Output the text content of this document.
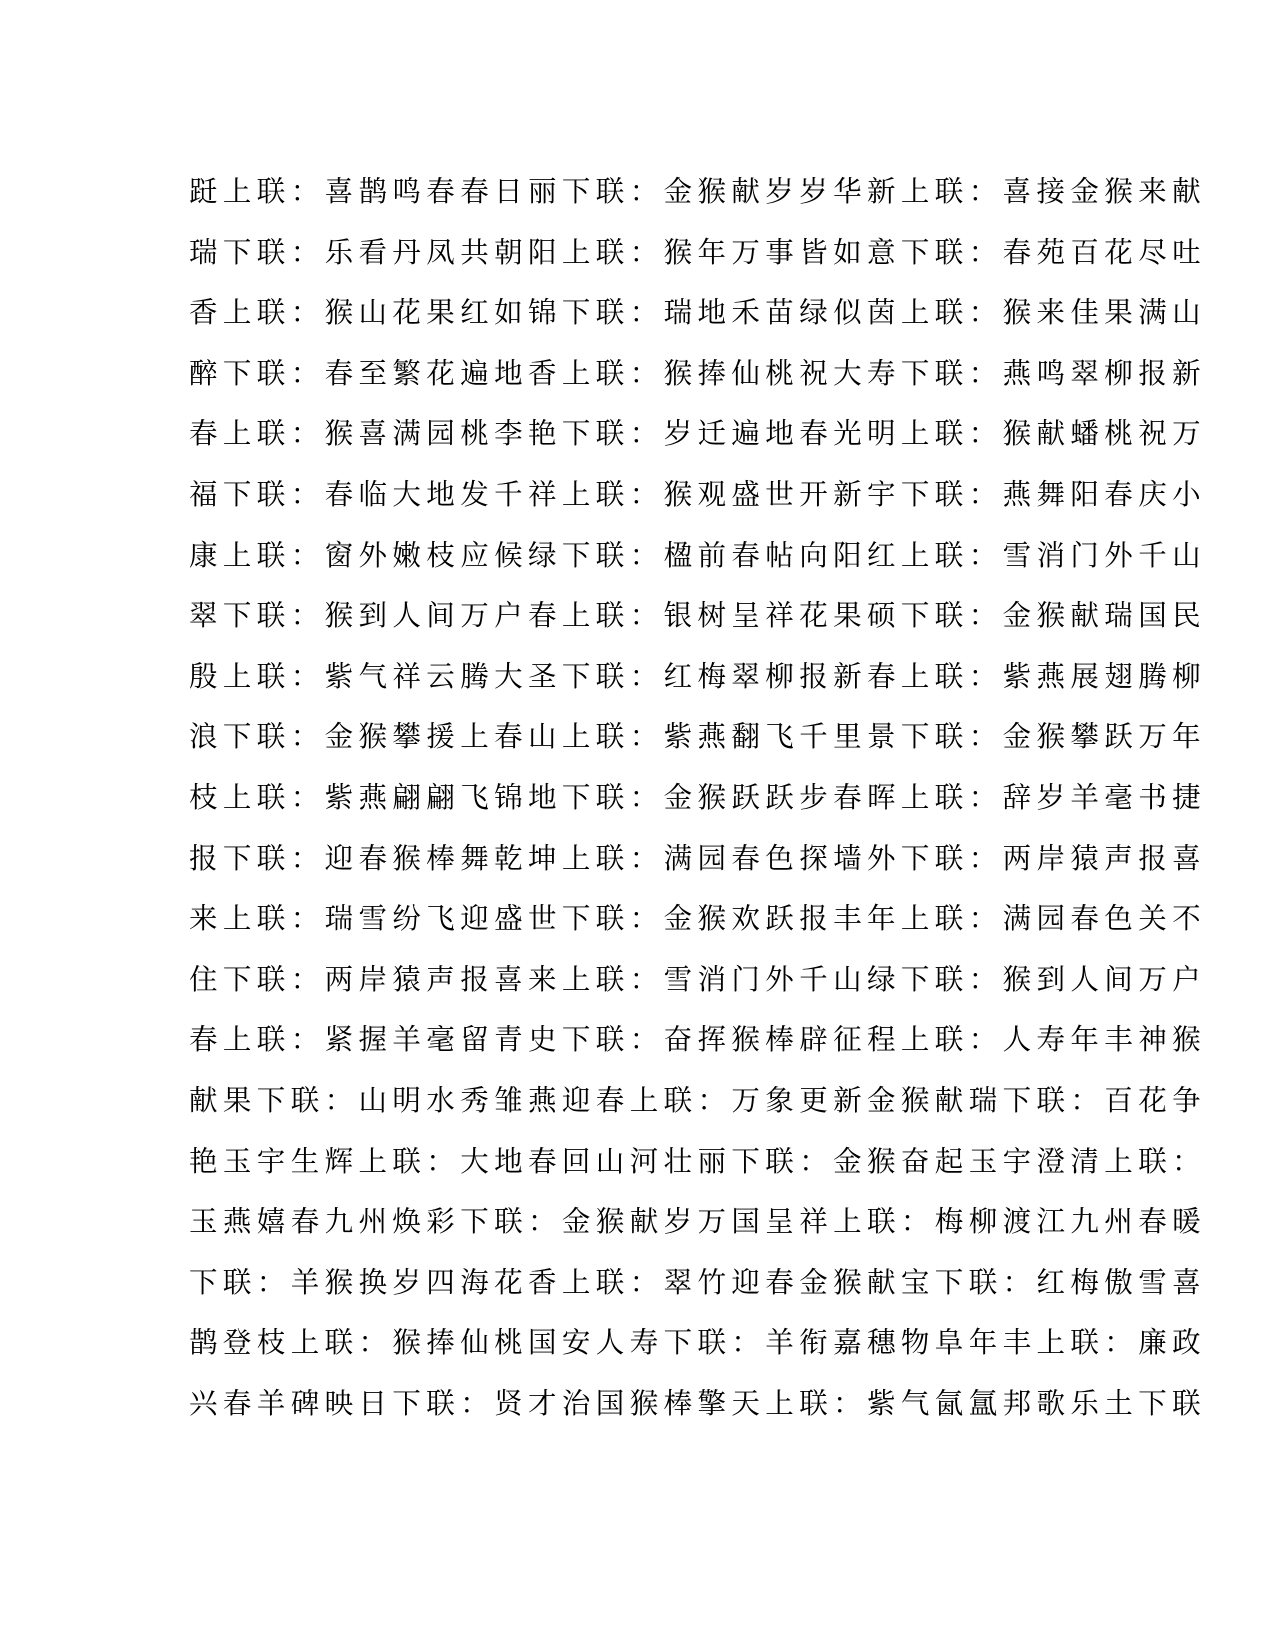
跹上联：喜鹊鸣春春日丽下联：金猴献岁岁华新上联：喜接金猴来献
瑞下联：乐看丹凤共朝阳上联：猴年万事皆如意下联：春苑百花尽吐
香上联：猴山花果红如锦下联：瑞地禾苗绿似茵上联：猴来佳果满山
醉下联：春至繁花遍地香上联：猴捧仙桃祝大寿下联：燕鸣翠柳报新
春上联：猴喜满园桃李艳下联：岁迁遍地春光明上联：猴献蟠桃祝万
福下联：春临大地发千祥上联：猴观盛世开新宇下联：燕舞阳春庆小
康上联：窗外嫩枝应候绿下联：楹前春帖向阳红上联：雪消门外千山
翠下联：猴到人间万户春上联：银树呈祥花果硕下联：金猴献瑞国民
殷上联：紫气祥云腾大圣下联：红梅翠柳报新春上联：紫燕展翅腾柳
浪下联：金猴攀援上春山上联：紫燕翻飞千里景下联：金猴攀跃万年
枝上联：紫燕翩翩飞锦地下联：金猴跃跃步春晖上联：辞岁羊毫书捷
报下联：迎春猴棒舞乾坤上联：满园春色探墙外下联：两岸猿声报喜
来上联：瑞雪纷飞迎盛世下联：金猴欢跃报丰年上联：满园春色关不
住下联：两岸猿声报喜来上联：雪消门外千山绿下联：猴到人间万户
春上联：紧握羊毫留青史下联：奋挥猴棒辟征程上联：人寿年丰神猴
献果下联：山明水秀雏燕迎春上联：万象更新金猴献瑞下联：百花争
艳玉宇生辉上联：大地春回山河壮丽下联：金猴奋起玉宇澄清上联：
玉燕嬉春九州焕彩下联：金猴献岁万国呈祥上联：梅柳渡江九州春暖
下联：羊猴换岁四海花香上联：翠竹迎春金猴献宝下联：红梅傲雪喜
鹊登枝上联：猴捧仙桃国安人寿下联：羊衔嘉穗物阜年丰上联：廉政
兴春羊碑映日下联：贤才治国猴棒擎天上联：紫气氤氲邦歌乐土下联
